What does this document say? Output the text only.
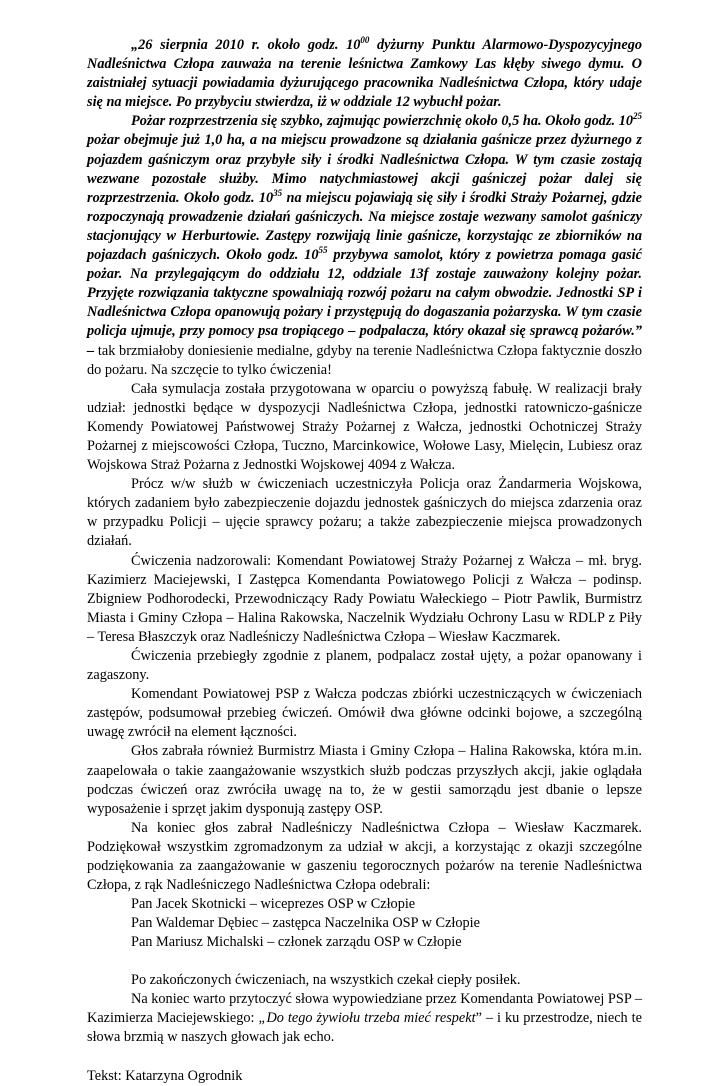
„26 sierpnia 2010 r. około godz. $10^{00}$ dyżurny Punktu Alarmowo-Dyspozycyjnego Nadleśnictwa Człopa zauważa na terenie leśnictwa Zamkowy Las kłęby siwego dymu. O zaistniałej sytuacji powiadamia dyżurującego pracownika Nadleśnictwa Człopa, który udaje się na miejsce. Po przybyciu stwierdza, iż w oddziale 12 wybuchł pożar.

Pożar rozprzestrzenia się szybko, zajmując powierzchnię około 0,5 ha. Około godz. $10^{25}$ pożar obejmuje już 1,0 ha, a na miejscu prowadzone są działania gaśnicze przez dyżurnego z pojazdem gaśniczym oraz przybyłe siły i środki Nadleśnictwa Człopa. W tym czasie zostają wezwane pozostałe służby. Mimo natychmiastowej akcji gaśniczej pożar dalej się rozprzestrzenia. Około godz. $10^{35}$ na miejscu pojawiają się siły i środki Straży Pożarnej, gdzie rozpoczynają prowadzenie działań gaśniczych. Na miejsce zostaje wezwany samolot gaśniczy stacjonujący w Herburtowie. Zastępy rozwijają linie gaśnicze, korzystając ze zbiorników na pojazdach gaśniczych. Około godz. $10^{55}$ przybywa samolot, który z powietrza pomaga gasić pożar. Na przylegającym do oddziału 12, oddziale 13f zostaje zauważony kolejny pożar. Przyjęte rozwiązania taktyczne spowalniają rozwój pożaru na całym obwodzie. Jednostki SP i Nadleśnictwa Człopa opanowują pożary i przystępują do dogaszania pożarzyska. W tym czasie policja ujmuje, przy pomocy psa tropiącego – podpalacza, który okazał się sprawcą pożarów.” – tak brzmiałoby doniesienie medialne, gdyby na terenie Nadleśnictwa Człopa faktycznie doszło do pożaru. Na szczęcie to tylko ćwiczenia!

Cała symulacja została przygotowana w oparciu o powyższą fabułę. W realizacji brały udział: jednostki będące w dyspozycji Nadleśnictwa Człopa, jednostki ratowniczo-gaśnicze Komendy Powiatowej Państwowej Straży Pożarnej z Wałcza, jednostki Ochotniczej Straży Pożarnej z miejscowości Człopa, Tuczno, Marcinkowice, Wołowe Lasy, Mielęcin, Lubiesz oraz Wojskowa Straż Pożarna z Jednostki Wojskowej 4094 z Wałcza.

Prócz w/w służb w ćwiczeniach uczestniczyła Policja oraz Żandarmeria Wojskowa, których zadaniem było zabezpieczenie dojazdu jednostek gaśniczych do miejsca zdarzenia oraz w przypadku Policji – ujęcie sprawcy pożaru; a także zabezpieczenie miejsca prowadzonych działań.

Ćwiczenia nadzorowali: Komendant Powiatowej Straży Pożarnej z Wałcza – mł. bryg. Kazimierz Maciejewski, I Zastępca Komendanta Powiatowego Policji z Wałcza – podinsp. Zbigniew Podhorodecki, Przewodniczący Rady Powiatu Wałeckiego – Piotr Pawlik, Burmistrz Miasta i Gminy Człopa – Halina Rakowska, Naczelnik Wydziału Ochrony Lasu w RDLP z Piły – Teresa Błaszczyk oraz Nadleśniczy Nadleśnictwa Człopa – Wiesław Kaczmarek.

Ćwiczenia przebiegły zgodnie z planem, podpalacz został ujęty, a pożar opanowany i zagaszony.

Komendant Powiatowej PSP z Wałcza podczas zbiórki uczestniczących w ćwiczeniach zastępów, podsumował przebieg ćwiczeń. Omówił dwa główne odcinki bojowe, a szczególną uwagę zwrócił na element łączności.

Głos zabrała również Burmistrz Miasta i Gminy Człopa – Halina Rakowska, która m.in. zaapelowała o takie zaangażowanie wszystkich służb podczas przyszłych akcji, jakie oglądała podczas ćwiczeń oraz zwróciła uwagę na to, że w gestii samorządu jest dbanie o lepsze wyposażenie i sprzęt jakim dysponują zastępy OSP.

Na koniec głos zabrał Nadleśniczy Nadleśnictwa Człopa – Wiesław Kaczmarek. Podziękował wszystkim zgromadzonym za udział w akcji, a korzystając z okazji szczególne podziękowania za zaangażowanie w gaszeniu tegorocznych pożarów na terenie Nadleśnictwa Człopa, z rąk Nadleśniczego Nadleśnictwa Człopa odebrali:

Pan Jacek Skotnicki – wiceprezes OSP w Człopie
Pan Waldemar Dębiec – zastępca Naczelnika OSP w Człopie
Pan Mariusz Michalski – członek zarządu OSP w Człopie

Po zakończonych ćwiczeniach, na wszystkich czekał ciepły posiłek.

Na koniec warto przytoczyć słowa wypowiedziane przez Komendanta Powiatowej PSP – Kazimierza Maciejewskiego: „Do tego żywiołu trzeba mieć respekt” – i ku przestrodze, niech te słowa brzmią w naszych głowach jak echo.

Tekst: Katarzyna Ogrodnik
